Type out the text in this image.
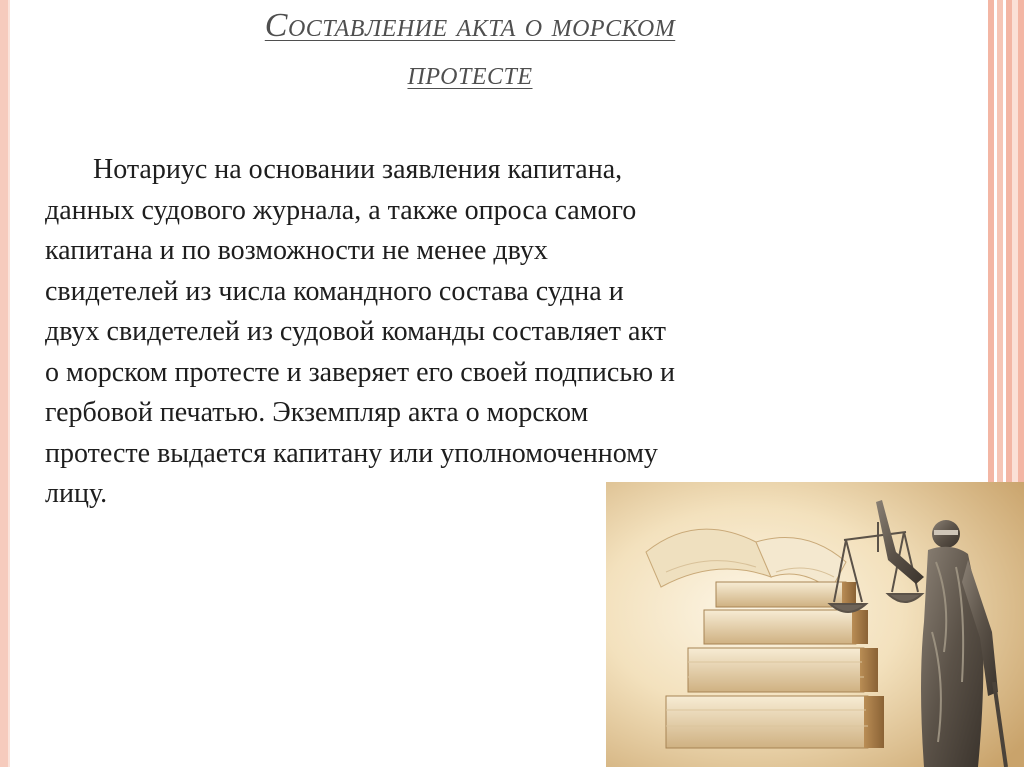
Составление акта о морском
протесте
Нотариус на основании заявления капитана,
данных судового журнала, а также опроса самого
капитана и по возможности не менее двух
свидетелей из числа командного состава судна и
двух свидетелей из судовой команды составляет акт
о морском протесте и заверяет его своей подписью и
гербовой печатью. Экземпляр акта о морском
протесте выдается капитану или уполномоченному
лицу.
